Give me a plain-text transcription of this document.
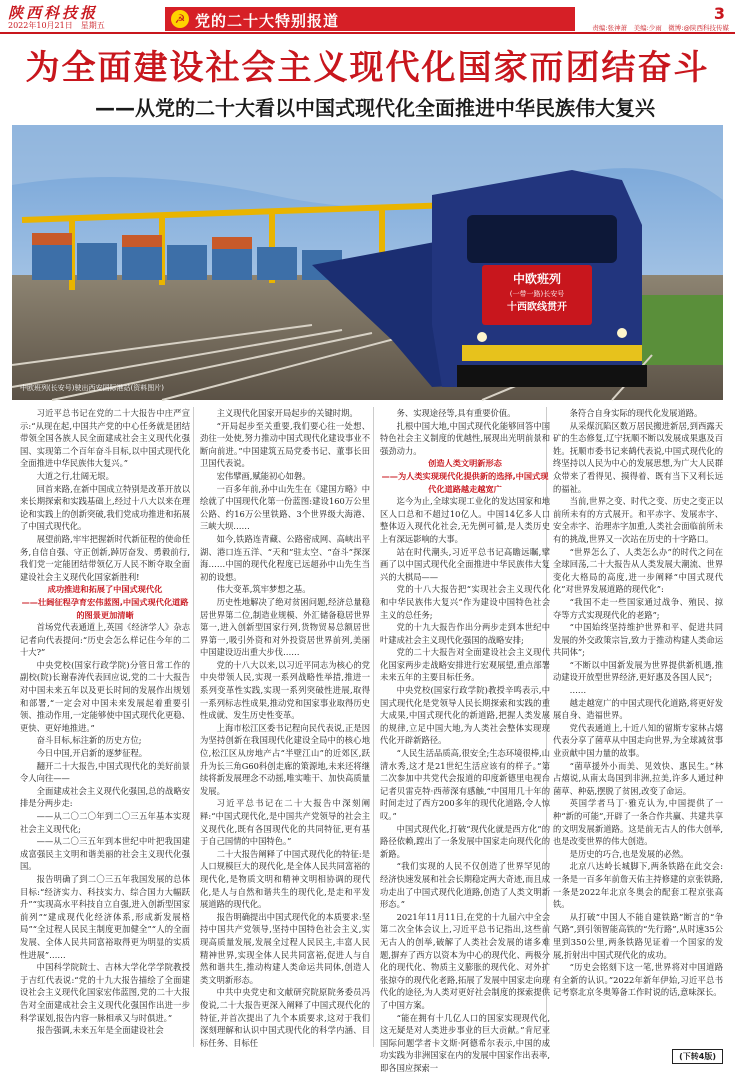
陕西科技报
2022年10月21日　星期五	☭ 党的二十大特别报道	3
责编:张神萧　美编:少雨　微博:@陕西科技传媒
为全面建设社会主义现代化国家而团结奋斗
——从党的二十大看以中国式现代化全面推进中华民族伟大复兴
中欧班列
(一带一路)长安号
十西欧线贯开
中欧班列(长安号)驶出西安国际港站(资料图片)

习近平总书记在党的二十大报告中庄严宣示:“从现在起,中国共产党的中心任务就是团结带领全国各族人民全面建成社会主义现代化强国、实现第二个百年奋斗目标,以中国式现代化全面推进中华民族伟大复兴。”

大道之行,壮阔无垠。

回首来路,在新中国成立特别是改革开放以来长期探索和实践基础上,经过十八大以来在理论和实践上的创新突破,我们党成功推进和拓展了中国式现代化。

展望前路,牢牢把握新时代新征程的使命任务,自信自强、守正创新,踔厉奋发、勇毅前行,我们党一定能团结带领亿万人民不断夺取全面建设社会主义现代化国家新胜利!

成功推进和拓展了中国式现代化

——壮阔征程孕育宏伟蓝图,中国式现代化道路的图景更加清晰

首场党代表通道上,英国《经济学人》杂志记者向代表提问:“历史会怎么样记住今年的二十大?”

中央党校(国家行政学院)分管日常工作的副校(院)长谢春涛代表回应说,党的二十大报告对中国未来五年以及更长时间的发展作出规划和部署,“一定会对中国未来发展起着重要引领、推动作用,一定能够使中国式现代化更稳、更快、更好地推进。”

奋斗目标,标注新的历史方位;

今日中国,开启新的逐梦征程。

翻开二十大报告,中国式现代化的美好前景令人向往——

全面建成社会主义现代化强国,总的战略安排是分两步走:

——从二〇二〇年到二〇三五年基本实现社会主义现代化;

——从二〇三五年到本世纪中叶把我国建成富强民主文明和谐美丽的社会主义现代化强国。

报告明确了到二〇三五年我国发展的总体目标:“经济实力、科技实力、综合国力大幅跃升”“实现高水平科技自立自强,进入创新型国家前列”“建成现代化经济体系,形成新发展格局”“全过程人民民主制度更加健全”“人的全面发展、全体人民共同富裕取得更为明显的实质性进展”……

中国科学院院士、吉林大学化学学院教授于吉红代表说:“党的十九大报告描绘了全面建设社会主义现代化国家宏伟蓝图,党的二十大报告对全面建成社会主义现代化强国作出进一步科学谋划,报告内容一脉相承又与时俱进。”

报告强调,未来五年是全面建设社会

主义现代化国家开局起步的关键时期。

“开局起步至关重要,我们要心往一处想、劲往一处使,努力推动中国式现代化建设事业不断向前进。”中国建筑五局党委书记、董事长田卫国代表说。

宏伟擘画,赋能初心如磐。

一百多年前,孙中山先生在《建国方略》中绘就了中国现代化第一份蓝图:建设160万公里公路、约16万公里铁路、3个世界级大海港、三峡大坝……

如今,铁路连青藏、公路密成网、高峡出平湖、港口连五洋、“天和”驻太空、“奋斗”探深海……中国的现代化程度已远超孙中山先生当初的设想。

伟大变革,筑牢梦想之基。

历史性地解决了绝对贫困问题,经济总量稳居世界第二位,制造业规模、外汇储备稳居世界第一,进入创新型国家行列,货物贸易总额居世界第一,吸引外资和对外投资居世界前列,美丽中国建设迈出重大步伐……

党的十八大以来,以习近平同志为核心的党中央带领人民,实现一系列战略性举措,推进一系列变革性实践,实现一系列突破性进展,取得一系列标志性成果,推动党和国家事业取得历史性成就、发生历史性变革。

上海市松江区委书记程向民代表说,正是因为坚持创新在我国现代化建设全局中的核心地位,松江区从房地产占“半壁江山”的近郊区,跃升为长三角G60科创走廊的策源地,未来还将继续将新发展理念不动摇,唯实唯干、加快高质量发展。

习近平总书记在二十大报告中深刻阐释:“中国式现代化,是中国共产党领导的社会主义现代化,既有各国现代化的共同特征,更有基于自己国情的中国特色。”

二十大报告阐释了中国式现代化的特征:是人口规模巨大的现代化,是全体人民共同富裕的现代化,是物质文明和精神文明相协调的现代化,是人与自然和谐共生的现代化,是走和平发展道路的现代化。

报告明确提出中国式现代化的本质要求:坚持中国共产党领导,坚持中国特色社会主义,实现高质量发展,发展全过程人民民主,丰富人民精神世界,实现全体人民共同富裕,促进人与自然和谐共生,推动构建人类命运共同体,创造人类文明新形态。

中共中央党史和文献研究院原院务委员冯俊说,二十大报告更深入阐释了中国式现代化的特征,并首次提出了九个本质要求,这对于我们深刻理解和认识中国式现代化的科学内涵、目标任务、目标任

务、实现途径等,具有重要价值。

扎根中国大地,中国式现代化能够回答中国特色社会主义制度的优越性,展现出光明前景和强劲动力。

创造人类文明新形态

——为人类实现现代化提供新的选择,中国式现代化道路越走越宽广

迄今为止,全球实现工业化的发达国家和地区人口总和不超过10亿人。中国14亿多人口整体迈入现代化社会,无先例可循,是人类历史上有深远影响的大事。

站在时代潮头,习近平总书记高瞻远瞩,擘画了以中国式现代化全面推进中华民族伟大复兴的大棋局——

党的十八大报告把“实现社会主义现代化和中华民族伟大复兴”作为建设中国特色社会主义的总任务;

党的十九大报告作出分两步走到本世纪中叶建成社会主义现代化强国的战略安排;

党的二十大报告对全面建设社会主义现代化国家两步走战略安排进行宏观展望,重点部署未来五年的主要目标任务。

中央党校(国家行政学院)教授辛鸣表示,中国式现代化是党领导人民长期探索和实践的重大成果,中国式现代化的新道路,把握人类发展的规律,立足中国大地,为人类社会整体实现现代化开辟新路径。

“人民生活品质高,很安全;生态环境很棒,山清水秀,这才是21世纪生活应该有的样子。”第二次参加中共党代会报道的印度新德里电视台记者贝雷克特·西蒂深有感触,“中国用几十年的时间走过了西方200多年的现代化道路,令人惊叹。”

中国式现代化,打破“现代化就是西方化”的路径依赖,蹚出了一条发展中国家走向现代化的新路。

“我们实现的人民不仅创造了世界罕见的经济快速发展和社会长期稳定两大奇迹,而且成功走出了中国式现代化道路,创造了人类文明新形态。”

2021年11月11日,在党的十九届六中全会第二次全体会议上,习近平总书记指出,这些前无古人的创举,破解了人类社会发展的诸多难题,摒弃了西方以资本为中心的现代化、两极分化的现代化、物质主义膨胀的现代化、对外扩张掠夺的现代化老路,拓展了发展中国家走向现代化的途径,为人类对更好社会制度的探索提供了中国方案。

“能在拥有十几亿人口的国家实现现代化,这无疑是对人类进步事业的巨大贡献。”肯尼亚国际问题学者卡文斯·阿德希尔表示,中国的成功实践为非洲国家在内的发展中国家作出表率,即各国应探索一

条符合自身实际的现代化发展道路。

从采煤沉陷区数万居民搬进新居,到西露天矿的生态修复,辽宁抚顺不断以发展成果惠及百姓。抚顺市委书记来鹤代表说,中国式现代化的终坚持以人民为中心的发展思想,为广大人民群众带来了看得见、摸得着、既有当下又利长远的福祉。

当前,世界之变、时代之变、历史之变正以前所未有的方式展开。和平赤字、发展赤字、安全赤字、治理赤字加重,人类社会面临前所未有的挑战,世界又一次站在历史的十字路口。

“世界怎么了、人类怎么办”的时代之问在全球回荡,二十大报告从人类发展大潮流、世界变化大格局的高度,进一步阐释“中国式现代化”对世界发展道路的现代化”:

“我国不走一些国家通过战争、殖民、掠夺等方式实现现代化的老路”;

“中国始终坚持维护世界和平、促进共同发展的外交政策宗旨,致力于推动构建人类命运共同体”;

“不断以中国新发展为世界提供新机遇,推动建设开放型世界经济,更好惠及各国人民”;

……

越走越宽广的中国式现代化道路,将更好发展自身、造福世界。

党代表通道上,十近八知的留斯专家林占熺代表分享了菌草从中国走向世界,为全球减贫事业贡献中国力量的故事。

“菌草援外小而美、见效快、惠民生。”林占熺说,从南太岛国到非洲,拉美,许多人通过种菌草、种菇,摆脱了贫困,改变了命运。

英国学者马丁·雅克认为,中国提供了一种“新的可能”,开辟了一条合作共赢、共建共享的文明发展新道路。这是前无古人的伟大创举,也是改变世界的伟大创造。

是历史的巧合,也是发展的必然。

北京八达岭长城脚下,两条铁路在此交会:一条是一百多年前詹天佑主持修建的京张铁路,一条是2022年北京冬奥会的配套工程京张高铁。

从打破“中国人不能自建铁路”断言的“争气路”,到引领智能高铁的“先行路”,从时速35公里到350公里,两条铁路见证着一个国家的发展,折射出中国式现代化的成功。

“历史会铭刻下这一笔,世界将对中国道路有全新的认识。”2022年新年伊始,习近平总书记考察北京冬奥筹备工作时说的话,意味深长。

(下转4版)
